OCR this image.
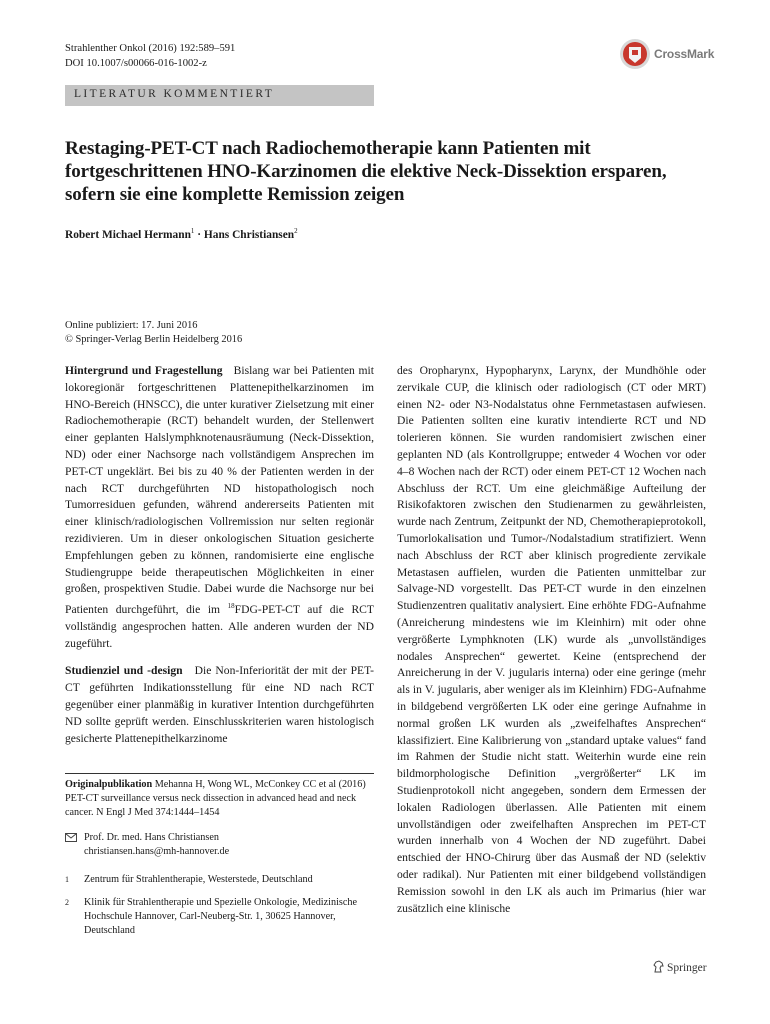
Strahlenther Onkol (2016) 192:589–591
DOI 10.1007/s00066-016-1002-z
CrossMark
LITERATUR KOMMENTIERT
Restaging-PET-CT nach Radiochemotherapie kann Patienten mit fortgeschrittenen HNO-Karzinomen die elektive Neck-Dissektion ersparen, sofern sie eine komplette Remission zeigen
Robert Michael Hermann$^1$ · Hans Christiansen$^2$
Online publiziert: 17. Juni 2016
© Springer-Verlag Berlin Heidelberg 2016

Hintergrund und Fragestellung Bislang war bei Patienten mit lokoregionär fortgeschrittenen Plattenepithelkarzinomen im HNO-Bereich (HNSCC), die unter kurativer Zielsetzung mit einer Radiochemotherapie (RCT) behandelt wurden, der Stellenwert einer geplanten Halslymphknotenausräumung (Neck-Dissektion, ND) oder einer Nachsorge nach vollständigem Ansprechen im PET-CT ungeklärt. Bei bis zu 40 % der Patienten werden in der nach RCT durchgeführten ND histopathologisch noch Tumorresiduen gefunden, während andererseits Patienten mit einer klinisch/radiologischen Vollremission nur selten regionär rezidivieren. Um in dieser onkologischen Situation gesicherte Empfehlungen geben zu können, randomisierte eine englische Studiengruppe beide therapeutischen Möglichkeiten in einer großen, prospektiven Studie. Dabei wurde die Nachsorge nur bei Patienten durchgeführt, die im $^{18}$FDG-PET-CT auf die RCT vollständig angesprochen hatten. Alle anderen wurden der ND zugeführt.

Studienziel und -design Die Non-Inferiorität der mit der PET-CT geführten Indikationsstellung für eine ND nach RCT gegenüber einer planmäßig in kurativer Intention durchgeführten ND sollte geprüft werden. Einschlusskriterien waren histologisch gesicherte Plattenepithelkarzinome

Originalpublikation Mehanna H, Wong WL, McConkey CC et al (2016) PET-CT surveillance versus neck dissection in advanced head and neck cancer. N Engl J Med 374:1444–1454
Prof. Dr. med. Hans Christiansen
christiansen.hans@mh-hannover.de
1 Zentrum für Strahlentherapie, Westerstede, Deutschland
2 Klinik für Strahlentherapie und Spezielle Onkologie, Medizinische Hochschule Hannover, Carl-Neuberg-Str. 1, 30625 Hannover, Deutschland

des Oropharynx, Hypopharynx, Larynx, der Mundhöhle oder zervikale CUP, die klinisch oder radiologisch (CT oder MRT) einen N2- oder N3-Nodalstatus ohne Fernmetastasen aufwiesen. Die Patienten sollten eine kurativ intendierte RCT und ND tolerieren können. Sie wurden randomisiert zwischen einer geplanten ND (als Kontrollgruppe; entweder 4 Wochen vor oder 4–8 Wochen nach der RCT) oder einem PET-CT 12 Wochen nach Abschluss der RCT. Um eine gleichmäßige Aufteilung der Risikofaktoren zwischen den Studienarmen zu gewährleisten, wurde nach Zentrum, Zeitpunkt der ND, Chemotherapieprotokoll, Tumorlokalisation und Tumor-/Nodalstadium stratifiziert. Wenn nach Abschluss der RCT aber klinisch progrediente zervikale Metastasen auffielen, wurden die Patienten unmittelbar zur Salvage-ND vorgestellt. Das PET-CT wurde in den einzelnen Studienzentren qualitativ analysiert. Eine erhöhte FDG-Aufnahme (Anreicherung mindestens wie im Kleinhirn) mit oder ohne vergrößerte Lymphknoten (LK) wurde als „unvollständiges nodales Ansprechen“ gewertet. Keine (entsprechend der Anreicherung in der V. jugularis interna) oder eine geringe (mehr als in V. jugularis, aber weniger als im Kleinhirn) FDG-Aufnahme in bildgebend vergrößerten LK oder eine geringe Aufnahme in normal großen LK wurden als „zweifelhaftes Ansprechen“ klassifiziert. Eine Kalibrierung von „standard uptake values“ fand im Rahmen der Studie nicht statt. Weiterhin wurde eine rein bildmorphologische Definition „vergrößerter“ LK im Studienprotokoll nicht angegeben, sondern dem Ermessen der lokalen Radiologen überlassen. Alle Patienten mit einem unvollständigen oder zweifelhaften Ansprechen im PET-CT wurden innerhalb von 4 Wochen der ND zugeführt. Dabei entschied der HNO-Chirurg über das Ausmaß der ND (selektiv oder radikal). Nur Patienten mit einer bildgebend vollständigen Remission sowohl in den LK als auch im Primarius (hier war zusätzlich eine klinische

Springer
